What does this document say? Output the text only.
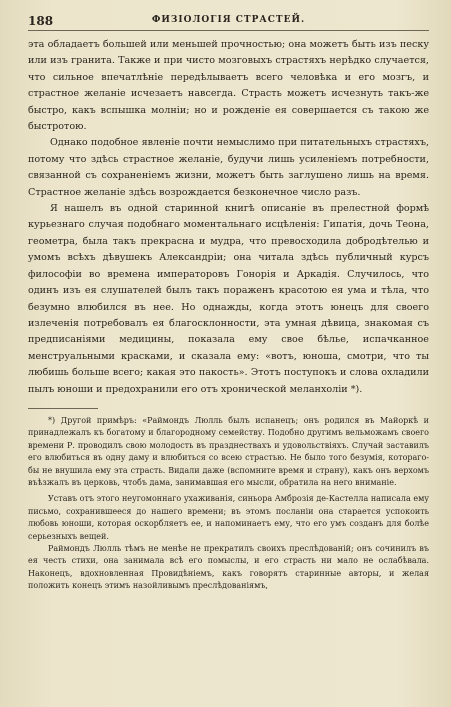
188	ФИЗІОЛОГІЯ СТРАСТЕЙ.

эта обладаетъ большей или меньшей прочностью; она можетъ быть изъ песку или изъ гранита. Также и при чисто мозговыхъ страстяхъ нерѣдко случается, что сильное впечатлѣніе передѣлываетъ всего человѣка и его мозгъ, и страстное желаніе исчезаетъ навсегда. Страсть можетъ исчезнуть такъ-же быстро, какъ вспышка молніи; но и рожденіе ея совершается съ такою же быстротою.

Однако подобное явленіе почти немыслимо при питательныхъ страстяхъ, потому что здѣсь страстное желаніе, будучи лишь усиленіемъ потребности, связанной съ сохраненіемъ жизни, можетъ быть заглушено лишь на время. Страстное желаніе здѣсь возрождается безконечное число разъ.

Я нашелъ въ одной старинной книгѣ описаніе въ прелестной формѣ курьезнаго случая подобнаго моментальнаго исцѣленія: Гипатія, дочь Теона, геометра, была такъ прекрасна и мудра, что превосходила добродѣтелью и умомъ всѣхъ дѣвушекъ Александріи; она читала здѣсь публичный курсъ философіи во времена императоровъ Гонорія и Аркадія. Случилось, что одинъ изъ ея слушателей былъ такъ пораженъ красотою ея ума и тѣла, что безумно влюбился въ нее. Но однажды, когда этотъ юнецъ для своего излеченія потребовалъ ея благосклонности, эта умная дѣвица, знакомая съ предписаніями медицины, показала ему свое бѣлье, испачканное менструальными красками, и сказала ему: «вотъ, юноша, смотри, что ты любишь больше всего; какая это пакость». Этотъ поступокъ и слова охладили пылъ юноши и предохранили его отъ хронической меланхоліи *).

*) Другой примѣръ: «Раймондъ Люлль былъ испанецъ; онъ родился въ Майоркѣ и принадлежалъ къ богатому и благородному семейству. Подобно другимъ вельможамъ своего времени Р. проводилъ свою молодость въ празднествахъ и удовольствіяхъ. Случай заставилъ его влюбиться въ одну даму и влюбиться со всею страстью. Не было того безумія, котораго-бы не внушила ему эта страсть. Видали даже (вспомните время и страну), какъ онъ верхомъ въѣзжалъ въ церковь, чтобъ дама, занимавшая его мысли, обратила на него вниманіе.

Уставъ отъ этого неугомоннаго ухаживанія, синьора Амброзія де-Кастелла написала ему письмо, сохранившееся до нашего времени; въ этомъ посланіи она старается успокоить любовь юноши, которая оскорбляетъ ее, и напоминаетъ ему, что его умъ созданъ для болѣе серьезныхъ вещей.

Раймондъ Люлль тѣмъ не менѣе не прекратилъ своихъ преслѣдованій; онъ сочинилъ въ ея честь стихи, она занимала всѣ его помыслы, и его страсть ни мало не ослабѣвала. Наконецъ, вдохновленная Провидѣніемъ, какъ говорятъ старинные авторы, и желая положить конецъ этимъ назойливымъ преслѣдованіямъ,
